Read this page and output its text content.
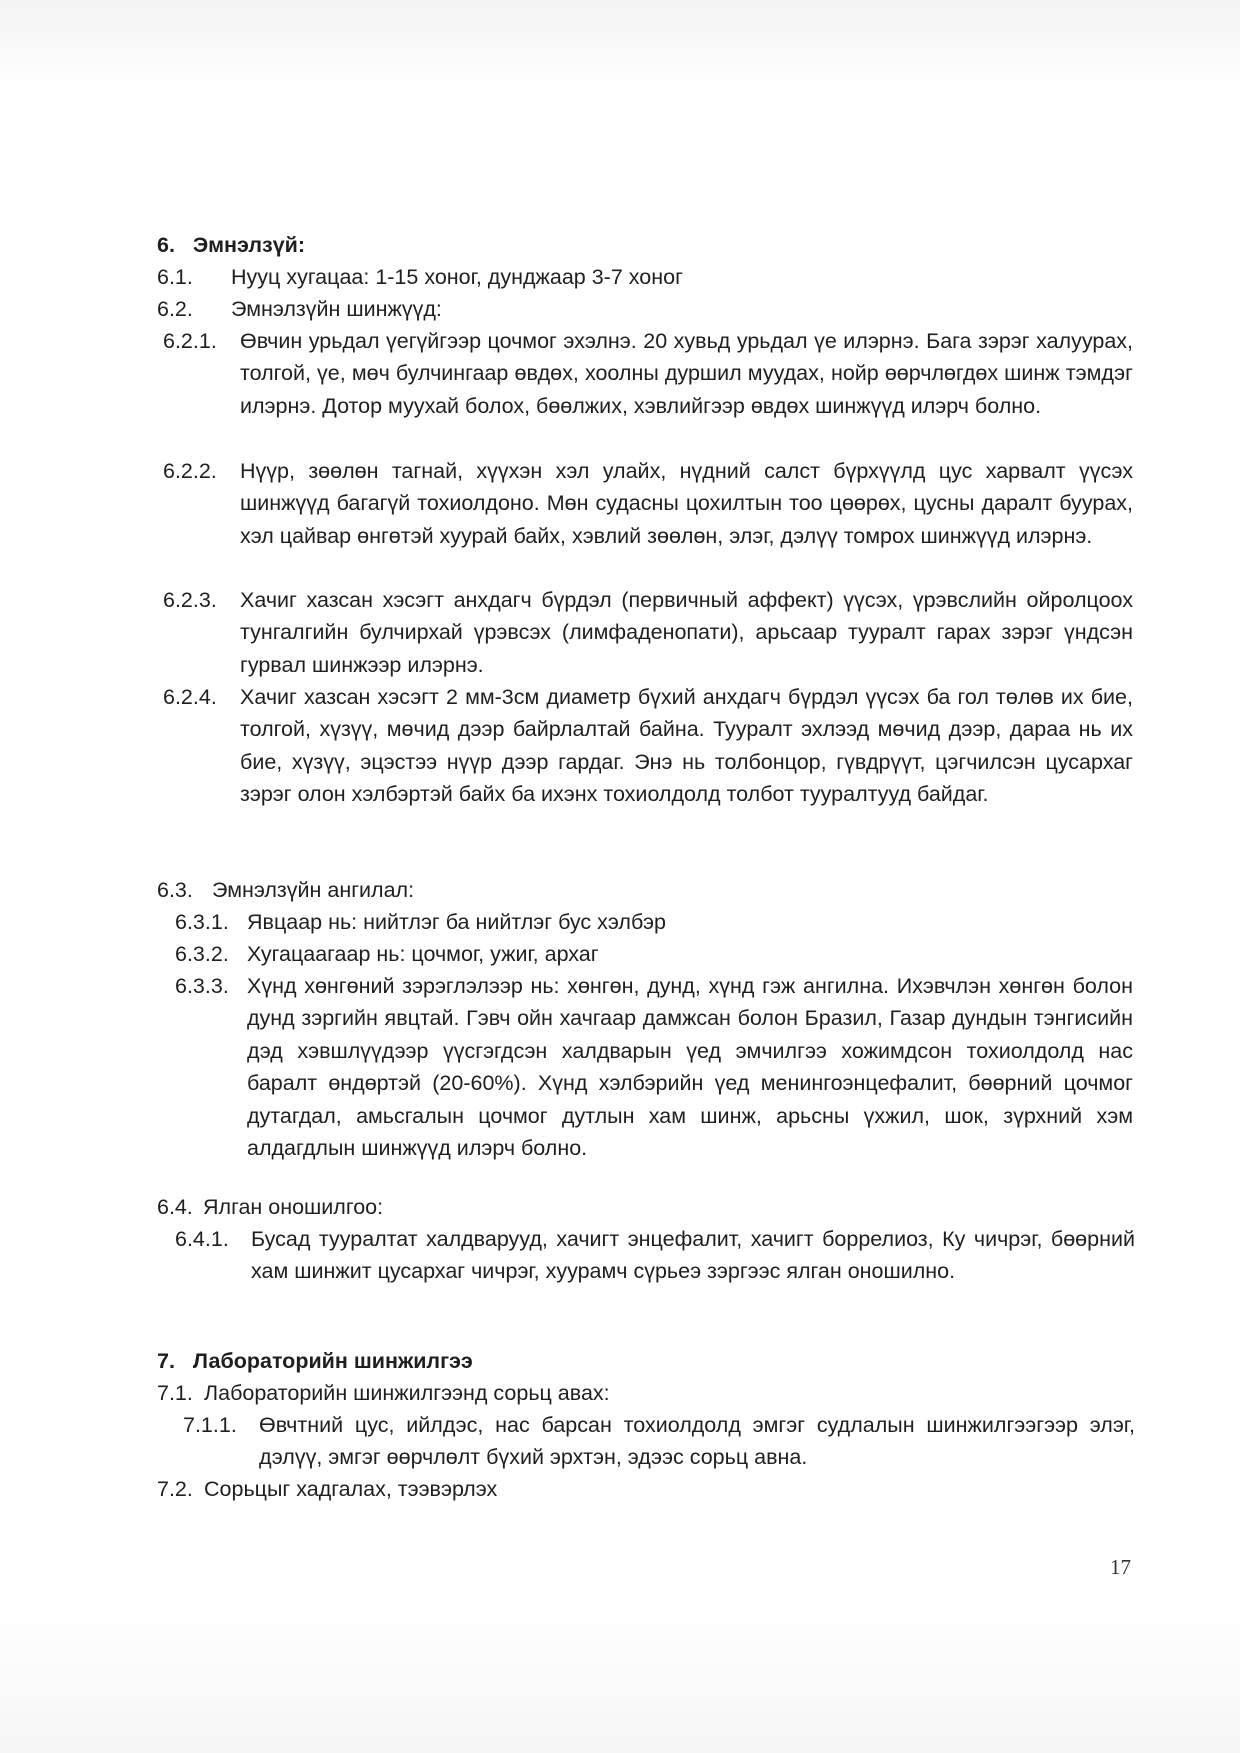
6. Эмнэлзүй:
6.1. Нууц хугацаа: 1-15 хоног, дунджаар 3-7 хоног
6.2. Эмнэлзүйн шинжүүд:
6.2.1. Өвчин урьдал үегүйгээр цочмог эхэлнэ. 20 хувьд урьдал үе илэрнэ. Бага зэрэг халуурах, толгой, үе, мөч булчингаар өвдөх, хоолны дуршил муудах, нойр өөрчлөгдөх шинж тэмдэг илэрнэ. Дотор муухай болох, бөөлжих, хэвлийгээр өвдөх шинжүүд илэрч болно.
6.2.2. Нүүр, зөөлөн тагнай, хүүхэн хэл улайх, нүдний салст бүрхүүлд цус харвалт үүсэх шинжүүд багагүй тохиолдоно. Мөн судасны цохилтын тоо цөөрөх, цусны даралт буурах, хэл цайвар өнгөтэй хуурай байх, хэвлий зөөлөн, элэг, дэлүү томрох шинжүүд илэрнэ.
6.2.3. Хачиг хазсан хэсэгт анхдагч бүрдэл (первичный аффект) үүсэх, үрэвслийн ойролцоох тунгалгийн булчирхай үрэвсэх (лимфаденопати), арьсаар тууралт гарах зэрэг үндсэн гурвал шинжээр илэрнэ.
6.2.4. Хачиг хазсан хэсэгт 2 мм-3см диаметр бүхий анхдагч бүрдэл үүсэх ба гол төлөв их бие, толгой, хүзүү, мөчид дээр байрлалтай байна. Тууралт эхлээд мөчид дээр, дараа нь их бие, хүзүү, эцэстээ нүүр дээр гардаг. Энэ нь толбонцор, гүвдрүүт, цэгчилсэн цусархаг зэрэг олон хэлбэртэй байх ба ихэнх тохиолдолд толбот тууралтууд байдаг.
6.3. Эмнэлзүйн ангилал:
6.3.1. Явцаар нь: нийтлэг ба нийтлэг бус хэлбэр
6.3.2. Хугацаагаар нь: цочмог, ужиг, архаг
6.3.3. Хүнд хөнгөний зэрэглэлээр нь: хөнгөн, дунд, хүнд гэж ангилна. Ихэвчлэн хөнгөн болон дунд зэргийн явцтай. Гэвч ойн хачгаар дамжсан болон Бразил, Газар дундын тэнгисийн дэд хэвшлүүдээр үүсгэгдсэн халдварын үед эмчилгээ хожимдсон тохиолдолд нас баралт өндөртэй (20-60%). Хүнд хэлбэрийн үед менингоэнцефалит, бөөрний цочмог дутагдал, амьсгалын цочмог дутлын хам шинж, арьсны үхжил, шок, зүрхний хэм алдагдлын шинжүүд илэрч болно.
6.4. Ялган оношилгоо:
6.4.1. Бусад тууралтат халдварууд, хачигт энцефалит, хачигт боррелиоз, Ку чичрэг, бөөрний хам шинжит цусархаг чичрэг, хуурамч сүрьеэ зэргээс ялган оношилно.
7. Лабораторийн шинжилгээ
7.1. Лабораторийн шинжилгээнд сорьц авах:
7.1.1. Өвчтний цус, ийлдэс, нас барсан тохиолдолд эмгэг судлалын шинжилгээгээр элэг, дэлүү, эмгэг өөрчлөлт бүхий эрхтэн, эдээс сорьц авна.
7.2. Сорьцыг хадгалах, тээвэрлэх
17
